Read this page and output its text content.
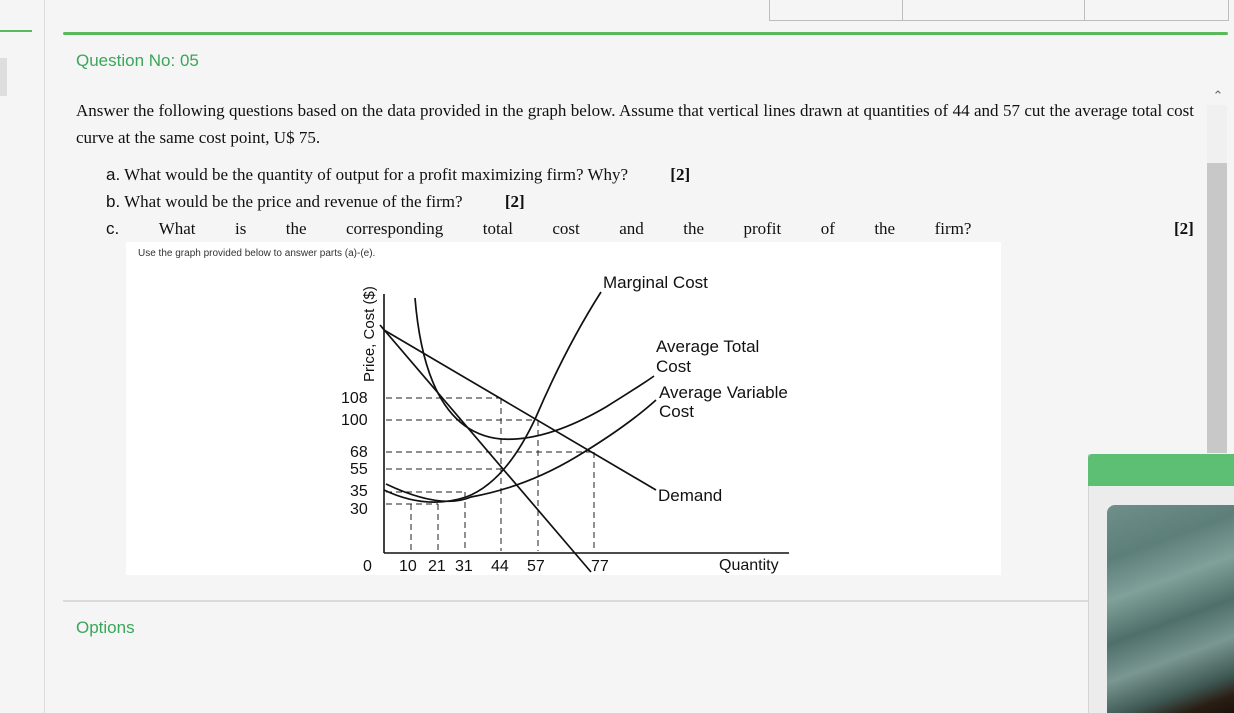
Question No: 05

Answer the following questions based on the data provided in the graph below. Assume that vertical lines drawn at quantities of 44 and 57 cut the average total cost curve at the same cost point, U$ 75.

a. What would be the quantity of output for a profit maximizing firm? Why? [2]
b. What would be the price and revenue of the firm? [2]
c. What is the corresponding total cost and the profit of the firm?	[2]
⌃
Use the graph provided below to answer parts (a)-(e).
Price, Cost ($)
Quantity
0
108
100
68
55
35
30
10 21 31 44 57	77
Marginal Cost
Average Total
Cost
Average Variable
Cost
Demand
Options
